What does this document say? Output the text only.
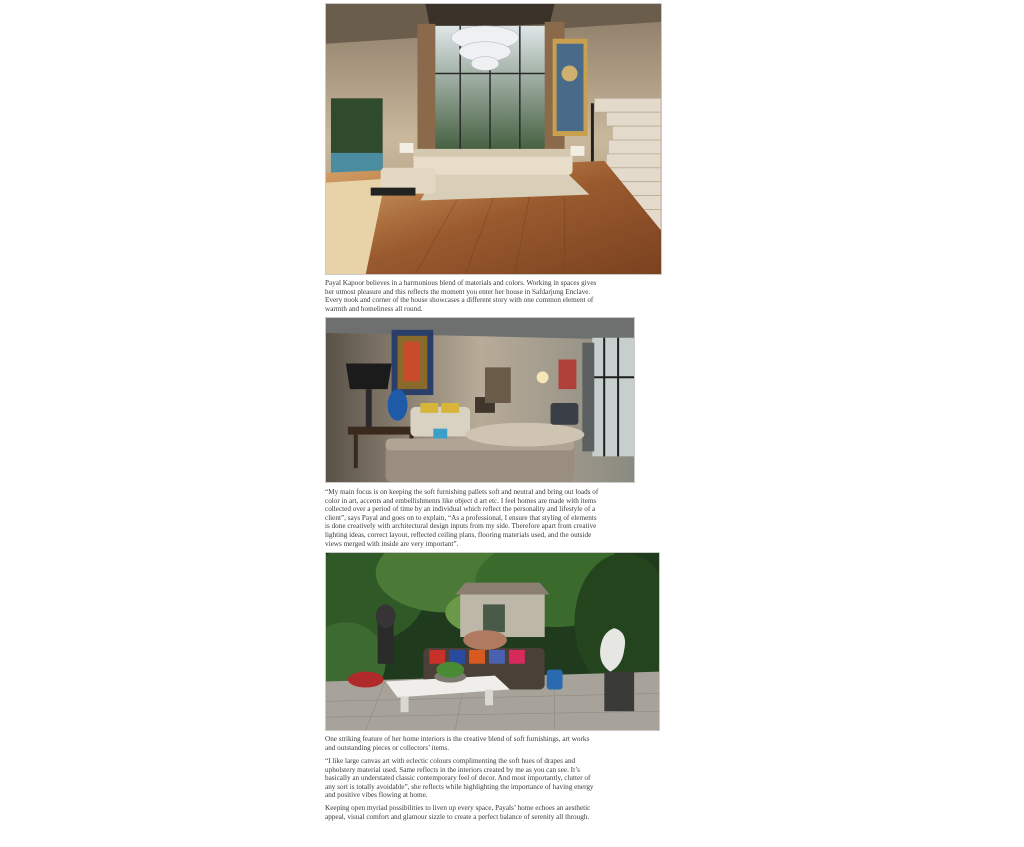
Payal Kapoor believes in a harmonious blend of materials and colors. Working in spaces gives
her utmost pleasure and this reflects the moment you enter her house in Safdarjung Enclave.
Every nook and corner of the house showcases a different story with one common element of
warmth and homeliness all round.

“My main focus is on keeping the soft furnishing pallets soft and neutral and bring out loads of
color in art, accents and embellishments like object d art etc. I feel homes are made with items
collected over a period of time by an individual which reflect the personality and lifestyle of a
client”, says Payal and goes on to explain, “As a professional, I ensure that styling of elements
is done creatively with architectural design inputs from my side. Therefore apart from creative
lighting ideas, correct layout, reflected ceiling plans, flooring materials used, and the outside
views merged with inside are very important”.

One striking feature of her home interiors is the creative blend of soft furnishings, art works
and outstanding pieces or collectors’ items.

“I like large canvas art with eclectic colours complimenting the soft hues of drapes and
upholstery material used. Same reflects in the interiors created by me as you can see. It’s
basically an understated classic contemporary feel of decor. And most importantly, clutter of
any sort is totally avoidable”, she reflects while highlighting the importance of having energy
and positive vibes flowing at home.

Keeping open myriad possibilities to liven up every space, Payals’ home echoes an aesthetic
appeal, visual comfort and glamour sizzle to create a perfect balance of serenity all through.
